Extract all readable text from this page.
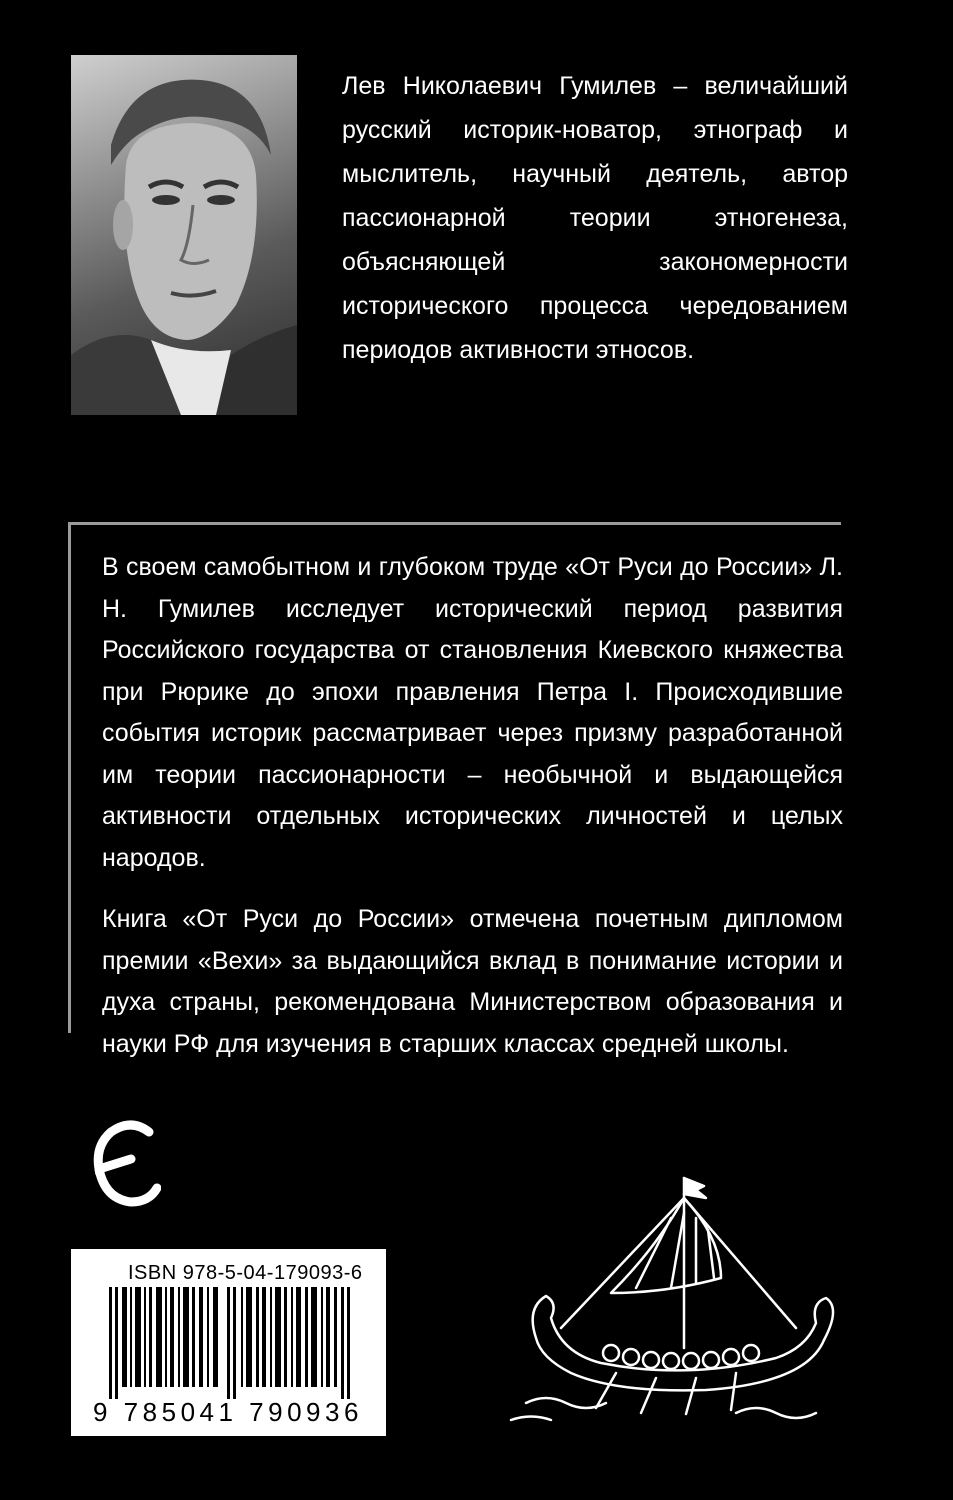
Лев Николаевич Гумилев – величайший русский историк-новатор, этнограф и мыслитель, научный деятель, автор пассионарной теории этногенеза, объясняющей закономерности исторического процесса чередованием периодов активности этносов.

В своем самобытном и глубоком труде «От Руси до России» Л. Н. Гумилев исследует исторический период развития Российского государства от становления Киевского княжества при Рюрике до эпохи правления Петра I. Происходившие события историк рассматривает через призму разработанной им теории пассионарности – необычной и выдающейся активности отдельных исторических личностей и целых народов.

Книга «От Руси до России» отмечена почетным дипломом премии «Вехи» за выдающийся вклад в понимание истории и духа страны, рекомендована Министерством образования и науки РФ для изучения в старших классах средней школы.

ISBN 978-5-04-179093-6
9 785041 790936 >
